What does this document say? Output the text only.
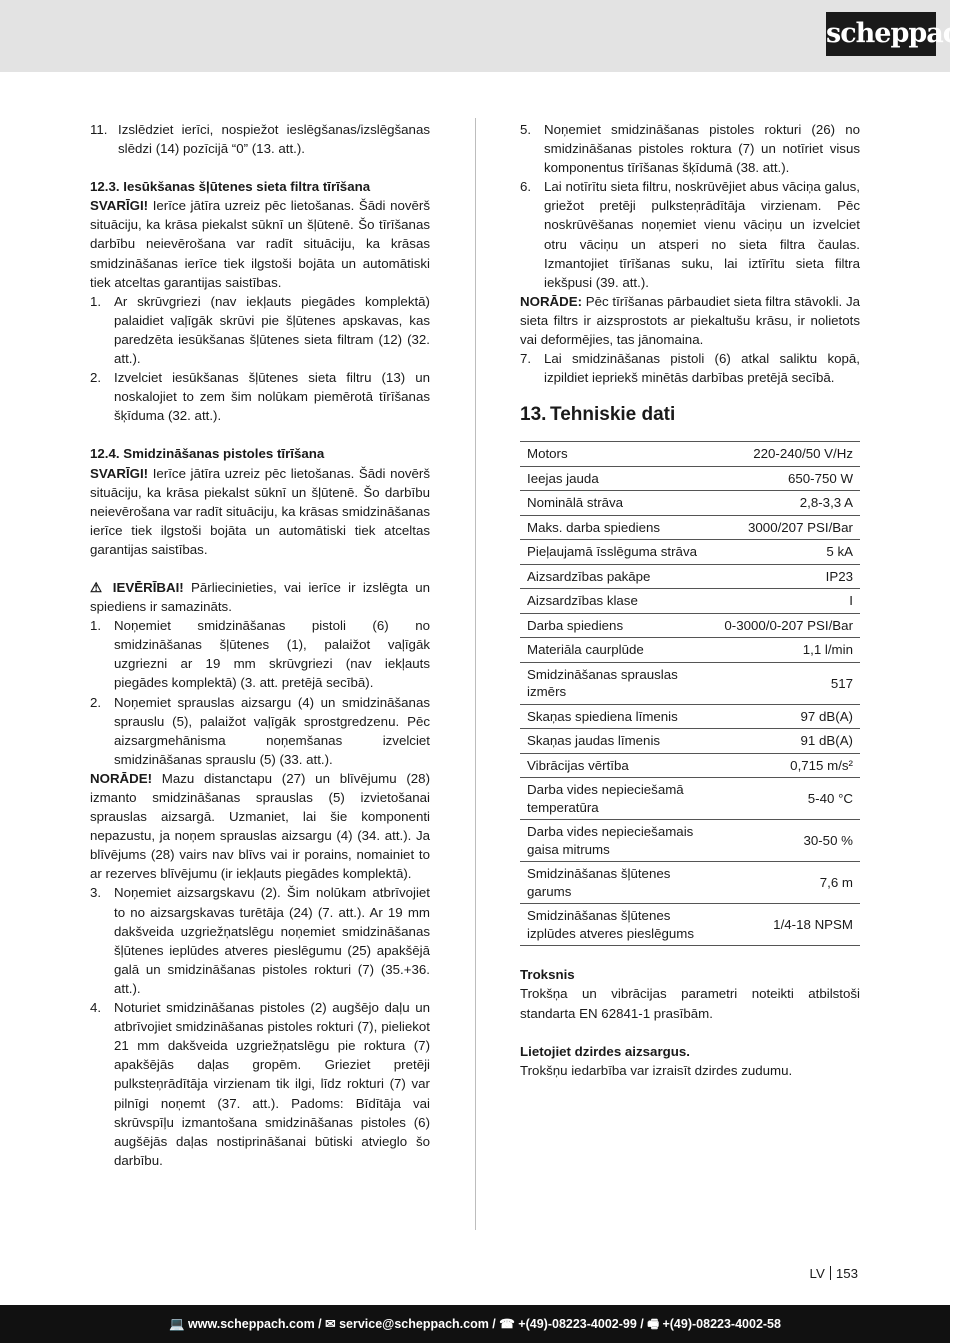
scheppach
11. Izslēdziet ierīci, nospiežot ieslēgšanas/izslēgšanas slēdzi (14) pozīcijā “0” (13. att.).
12.3. Iesūkšanas šļūtenes sieta filtra tīrīšana

SVARĪGI! Ierīce jātīra uzreiz pēc lietošanas. Šādi novērš situāciju, ka krāsa piekalst sūknī un šļūtenē. Šo tīrīšanas darbību neievērošana var radīt situāciju, ka krāsas smidzināšanas ierīce tiek ilgstoši bojāta un automātiski tiek atceltas garantijas saistības.

1. Ar skrūvgriezi (nav iekļauts piegādes komplektā) palaidiet vaļīgāk skrūvi pie šļūtenes apskavas, kas paredzēta iesūkšanas šļūtenes sieta filtram (12) (32. att.).
2. Izvelciet iesūkšanas šļūtenes sieta filtru (13) un noskalojiet to zem šim nolūkam piemērotā tīrīšanas šķīduma (32. att.).
12.4. Smidzināšanas pistoles tīrīšana

SVARĪGI! Ierīce jātīra uzreiz pēc lietošanas. Šādi novērš situāciju, ka krāsa piekalst sūknī un šļūtenē. Šo darbību neievērošana var radīt situāciju, ka krāsas smidzināšanas ierīce tiek ilgstoši bojāta un automātiski tiek atceltas garantijas saistības.

⚠ IEVĒRĪBAI! Pārliecinieties, vai ierīce ir izslēgta un spiediens ir samazināts.

1. Noņemiet smidzināšanas pistoli (6) no smidzināšanas šļūtenes (1), palaižot vaļīgāk uzgriezni ar 19 mm skrūvgriezi (nav iekļauts piegādes komplektā) (3. att. pretējā secībā).
2. Noņemiet sprauslas aizsargu (4) un smidzināšanas sprauslu (5), palaižot vaļīgāk sprostgredzenu. Pēc aizsargmehānisma noņemšanas izvelciet smidzināšanas sprauslu (5) (33. att.).

NORĀDE! Mazu distanctapu (27) un blīvējumu (28) izmanto smidzināšanas sprauslas (5) izvietošanai sprauslas aizsargā. Uzmaniet, lai šie komponenti nepazustu, ja noņem sprauslas aizsargu (4) (34. att.). Ja blīvējums (28) vairs nav blīvs vai ir porains, nomainiet to ar rezerves blīvējumu (ir iekļauts piegādes komplektā).

3. Noņemiet aizsargskavu (2). Šim nolūkam atbrīvojiet to no aizsargskavas turētāja (24) (7. att.). Ar 19 mm dakšveida uzgriežņatslēgu noņemiet smidzināšanas šļūtenes ieplūdes atveres pieslēgumu (25) apakšējā galā un smidzināšanas pistoles rokturi (7) (35.+36. att.).
4. Noturiet smidzināšanas pistoles (2) augšējo daļu un atbrīvojiet smidzināšanas pistoles rokturi (7), pieliekot 21 mm dakšveida uzgriežņatslēgu pie roktura (7) apakšējās daļas gropēm. Grieziet pretēji pulksteņrādītāja virzienam tik ilgi, līdz rokturi (7) var pilnīgi noņemt (37. att.). Padoms: Bīdītāja vai skrūvspīļu izmantošana smidzināšanas pistoles (6) augšējās daļas nostiprināšanai būtiski atvieglo šo darbību.
5. Noņemiet smidzināšanas pistoles rokturi (26) no smidzināšanas pistoles roktura (7) un notīriet visus komponentus tīrīšanas šķīdumā (38. att.).
6. Lai notīrītu sieta filtru, noskrūvējiet abus vāciņa galus, griežot pretēji pulksteņrādītāja virzienam. Pēc noskrūvēšanas noņemiet vienu vāciņu un izvelciet otru vāciņu un atsperi no sieta filtra čaulas. Izmantojiet tīrīšanas suku, lai iztīrītu sieta filtra iekšpusi (39. att.).

NORĀDE: Pēc tīrīšanas pārbaudiet sieta filtra stāvokli. Ja sieta filtrs ir aizsprostots ar piekaltušu krāsu, ir nolietots vai deformējies, tas jānomaina.

7. Lai smidzināšanas pistoli (6) atkal saliktu kopā, izpildiet iepriekš minētās darbības pretējā secībā.
13. Tehniskie dati
Motors	220-240/50 V/Hz
Ieejas jauda	650-750 W
Nominālā strāva	2,8-3,3 A
Maks. darba spiediens	3000/207 PSI/Bar
Pieļaujamā īsslēguma strāva	5 kA
Aizsardzības pakāpe	IP23
Aizsardzības klase	I
Darba spiediens	0-3000/0-207 PSI/Bar
Materiāla caurplūde	1,1 l/min
Smidzināšanas sprauslas izmērs	517
Skaņas spiediena līmenis	97 dB(A)
Skaņas jaudas līmenis	91 dB(A)
Vibrācijas vērtība	0,715 m/s²
Darba vides nepieciešamā temperatūra	5-40 °C
Darba vides nepieciešamais gaisa mitrums	30-50 %
Smidzināšanas šļūtenes garums	7,6 m
Smidzināšanas šļūtenes izplūdes atveres pieslēgums	1/4-18 NPSM
Troksnis

Trokšņa un vibrācijas parametri noteikti atbilstoši standarta EN 62841-1 prasībām.

Lietojiet dzirdes aizsargus.

Trokšņu iedarbība var izraisīt dzirdes zudumu.

LV 153
💻 www.scheppach.com / ✉ service@scheppach.com / ☎ +(49)-08223-4002-99 / 🖷 +(49)-08223-4002-58
